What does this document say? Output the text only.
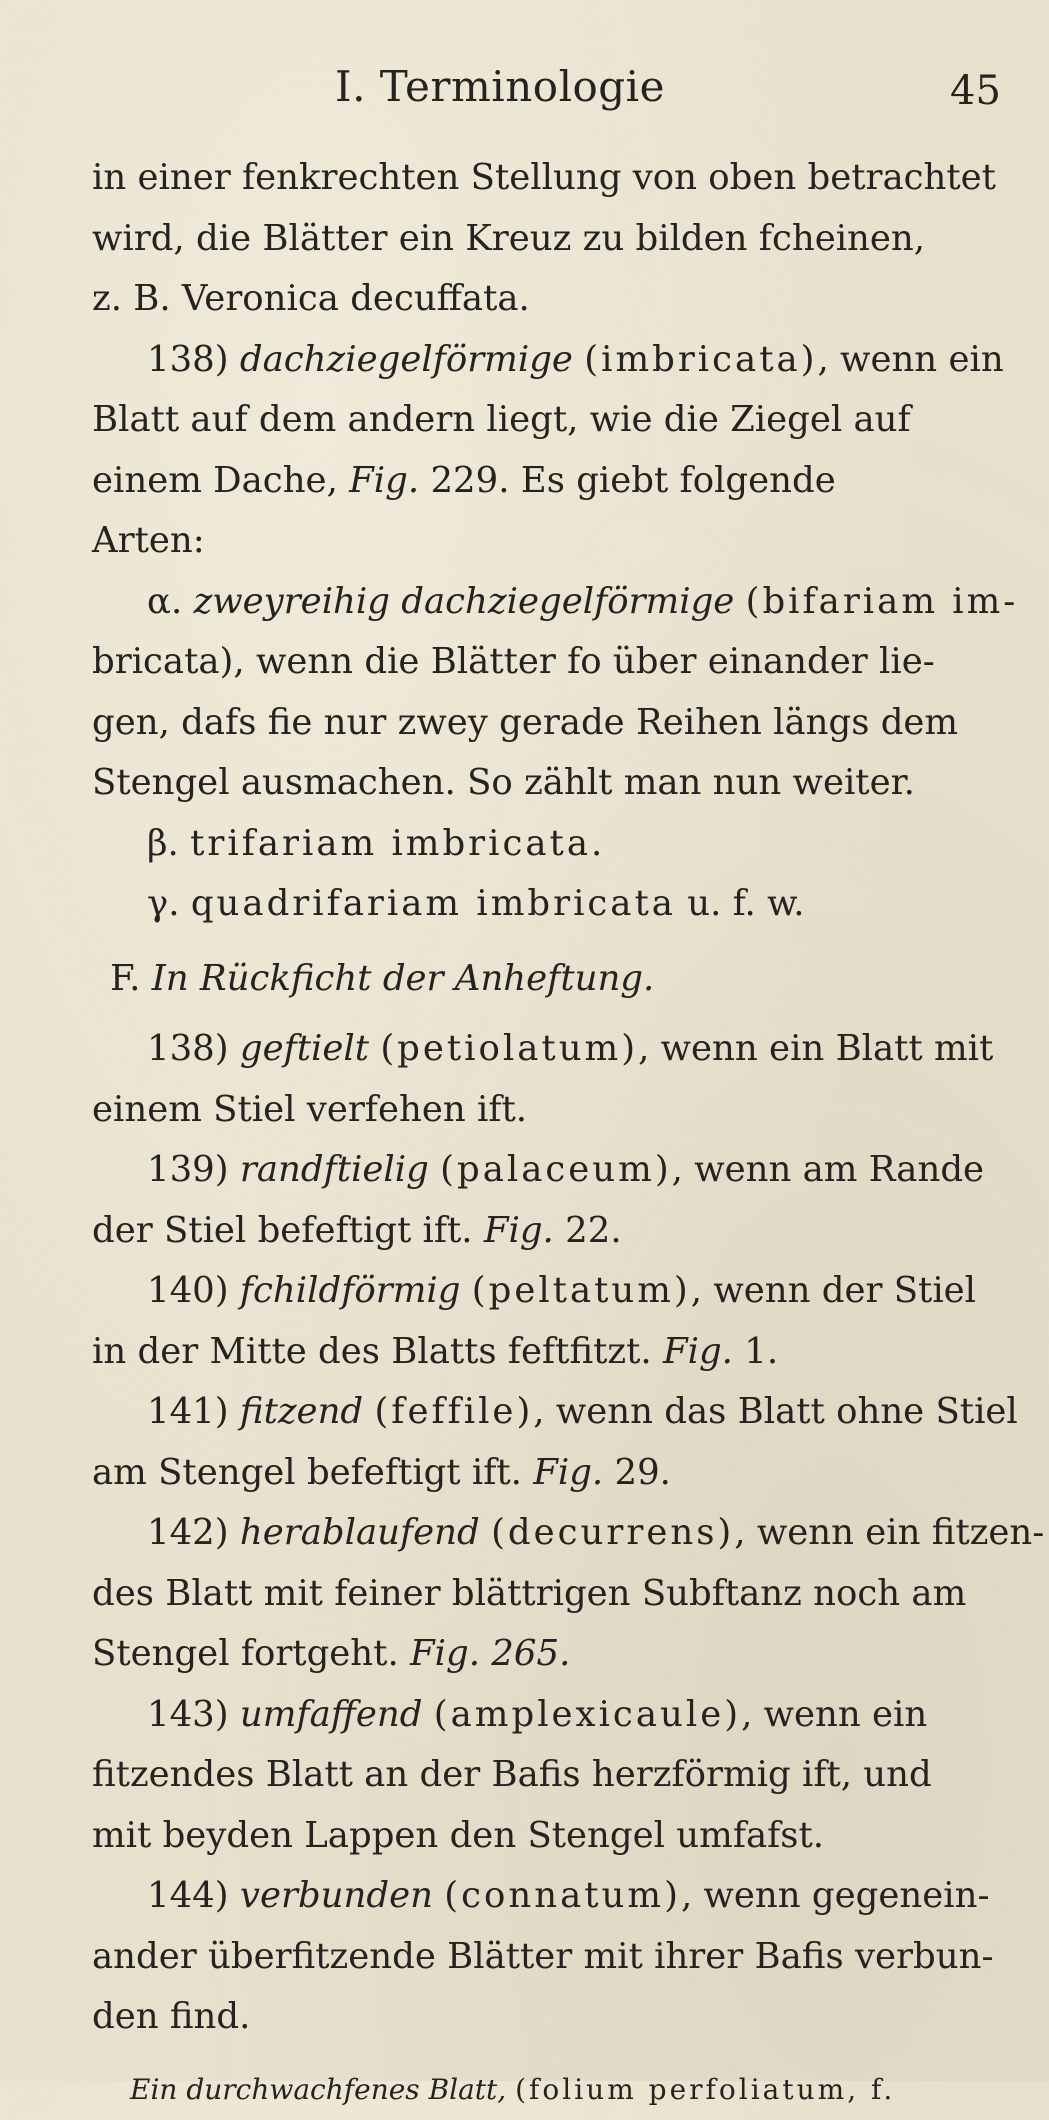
I. Terminologie	45
in einer fenkrechten Stellung von oben betrachtet
wird, die Blätter ein Kreuz zu bilden fcheinen,
z. B. Veronica decuffata.
138) dachziegelförmige (imbricata), wenn ein
Blatt auf dem andern liegt, wie die Ziegel auf
einem Dache, Fig. 229. Es giebt folgende
Arten:
α. zweyreihig dachziegelförmige (bifariam im-
bricata), wenn die Blätter fo über einander lie-
gen, dafs fie nur zwey gerade Reihen längs dem
Stengel ausmachen. So zählt man nun weiter.
β. trifariam imbricata.
γ. quadrifariam imbricata u. f. w.
F. In Rückficht der Anheftung.
138) geftielt (petiolatum), wenn ein Blatt mit
einem Stiel verfehen ift.
139) randftielig (palaceum), wenn am Rande
der Stiel befeftigt ift. Fig. 22.
140) fchildförmig (peltatum), wenn der Stiel
in der Mitte des Blatts feftfitzt. Fig. 1.
141) fitzend (feffile), wenn das Blatt ohne Stiel
am Stengel befeftigt ift. Fig. 29.
142) herablaufend (decurrens), wenn ein fitzen-
des Blatt mit feiner blättrigen Subftanz noch am
Stengel fortgeht. Fig. 265.
143) umfaffend (amplexicaule), wenn ein
fitzendes Blatt an der Bafis herzförmig ift, und
mit beyden Lappen den Stengel umfafst.
144) verbunden (connatum), wenn gegenein-
ander überfitzende Blätter mit ihrer Bafis verbun-
den find.
Ein durchwachfenes Blatt, (folium perfoliatum, f.
